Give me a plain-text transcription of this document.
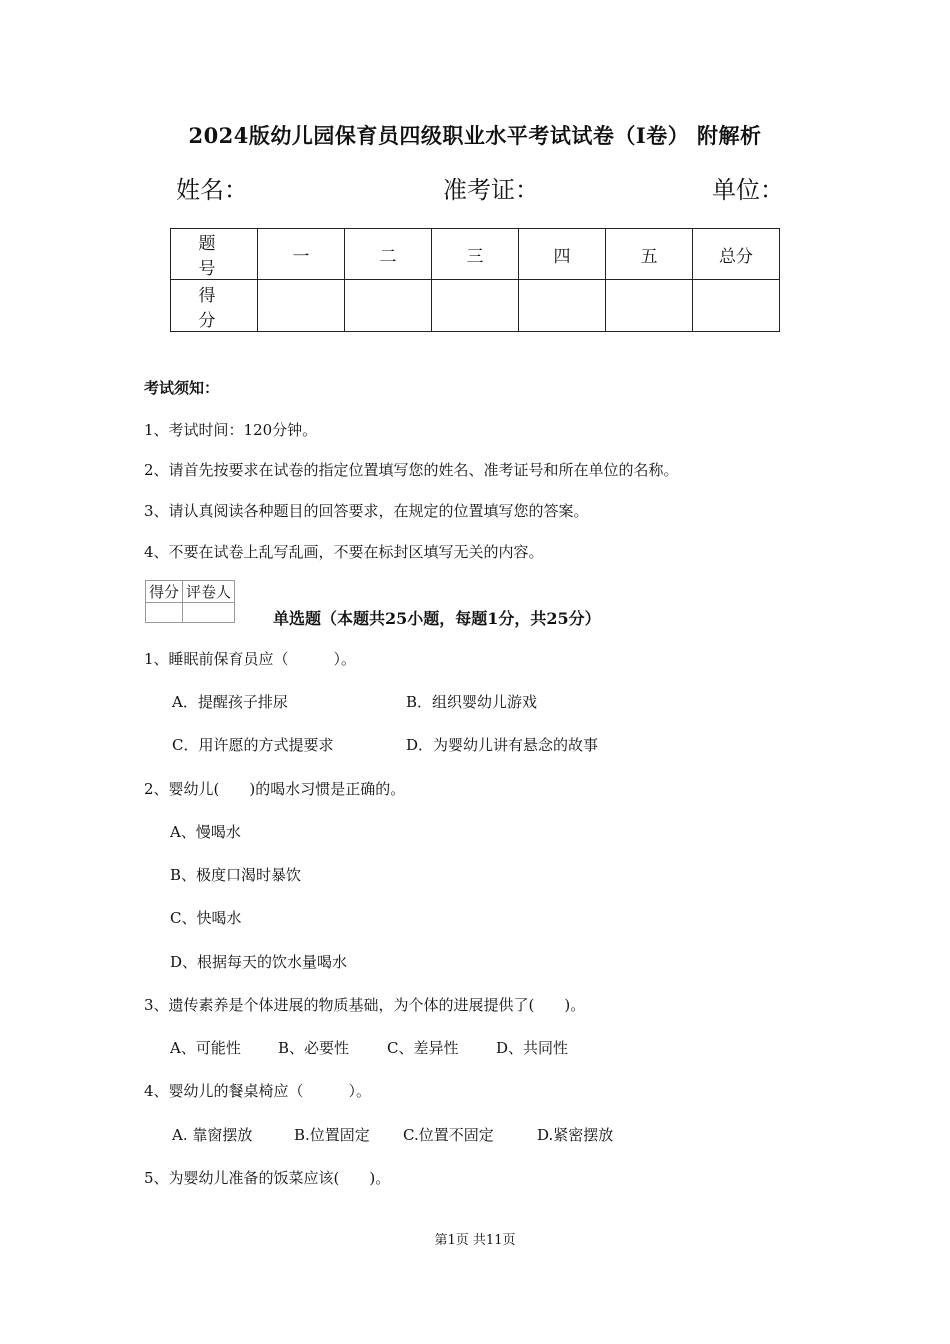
2024版幼儿园保育员四级职业水平考试试卷（I卷） 附解析
姓名：	准考证：	单位：
题　号	一	二	三	四	五	总分
得　分						
考试须知：
1、考试时间：120分钟。
2、请首先按要求在试卷的指定位置填写您的姓名、准考证号和所在单位的名称。
3、请认真阅读各种题目的回答要求，在规定的位置填写您的答案。
4、不要在试卷上乱写乱画，不要在标封区填写无关的内容。
得分	评卷人

单选题（本题共25小题，每题1分，共25分）
1、睡眠前保育员应（　　　）。
A．提醒孩子排尿	B．组织婴幼儿游戏
C．用许愿的方式提要求	D．为婴幼儿讲有悬念的故事
2、婴幼儿(　　)的喝水习惯是正确的。
A、慢喝水
B、极度口渴时暴饮
C、快喝水
D、根据每天的饮水量喝水
3、遗传素养是个体进展的物质基础，为个体的进展提供了(　　)。
A、可能性 B、必要性	C、差异性	D、共同性
4、婴幼儿的餐桌椅应（　　　）。
A. 靠窗摆放	B.位置固定 C.位置不固定	D.紧密摆放
5、为婴幼儿准备的饭菜应该(　　)。
第1页 共11页
